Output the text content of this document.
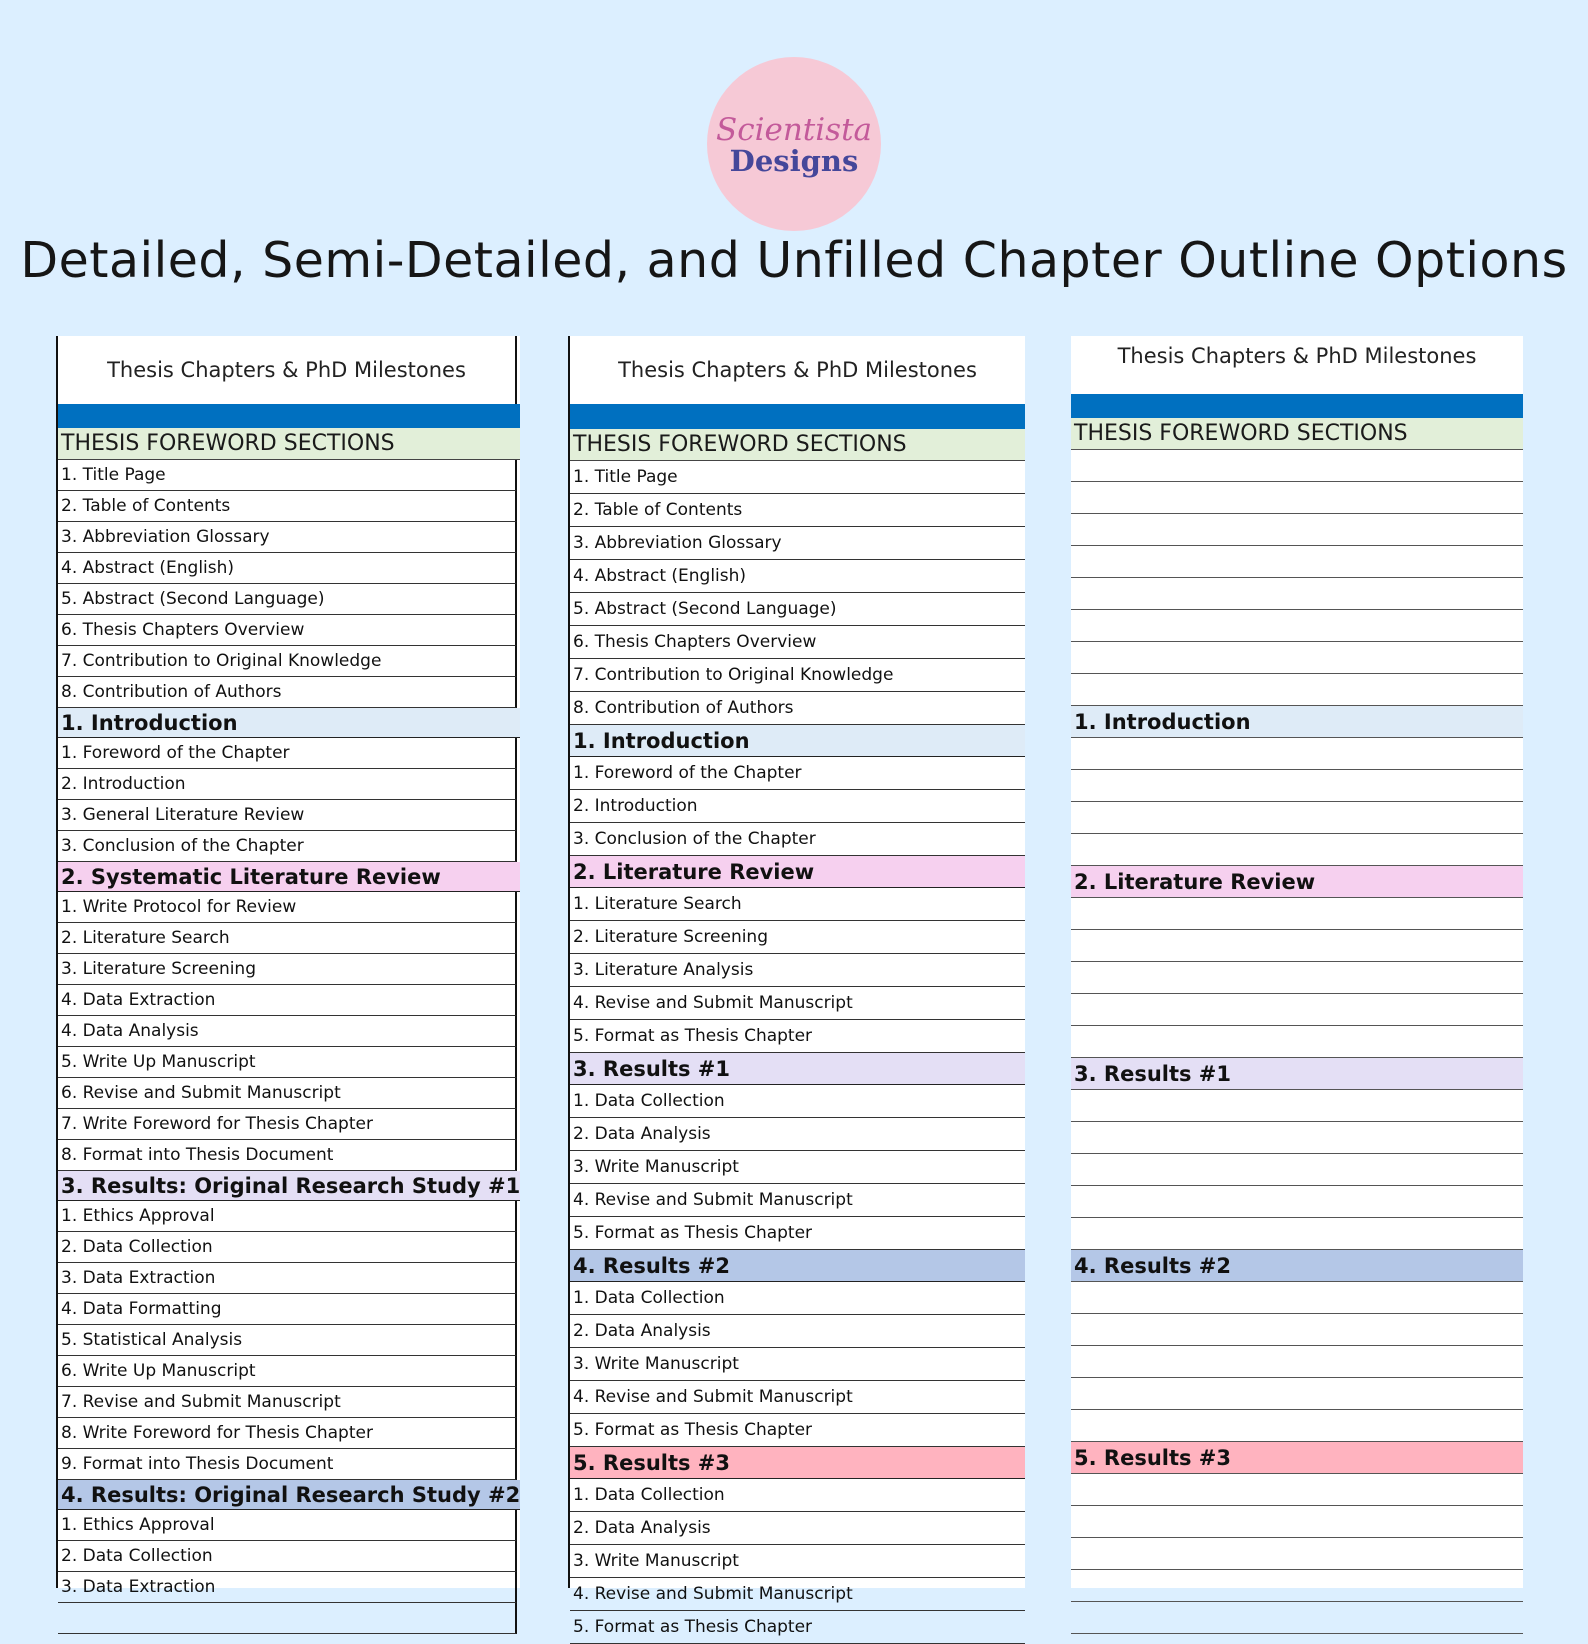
Scientista
Designs
Detailed, Semi-Detailed, and Unfilled Chapter Outline Options
Thesis Chapters & PhD Milestones
THESIS FOREWORD SECTIONS
1. Title Page
2. Table of Contents
3. Abbreviation Glossary
4. Abstract (English)
5. Abstract (Second Language)
6. Thesis Chapters Overview
7. Contribution to Original Knowledge
8. Contribution of Authors
1. Introduction
1. Foreword of the Chapter
2. Introduction
3. General Literature Review
3. Conclusion of the Chapter
2. Systematic Literature Review
1. Write Protocol for Review
2. Literature Search
3. Literature Screening
4. Data Extraction
4. Data Analysis
5. Write Up Manuscript
6. Revise and Submit Manuscript
7. Write Foreword for Thesis Chapter
8. Format into Thesis Document
3. Results: Original Research Study #1
1. Ethics Approval
2. Data Collection
3. Data Extraction
4. Data Formatting
5. Statistical Analysis
6. Write Up Manuscript
7. Revise and Submit Manuscript
8. Write Foreword for Thesis Chapter
9. Format into Thesis Document
4. Results: Original Research Study #2
1. Ethics Approval
2. Data Collection
3. Data Extraction
Thesis Chapters & PhD Milestones
THESIS FOREWORD SECTIONS
1. Title Page
2. Table of Contents
3. Abbreviation Glossary
4. Abstract (English)
5. Abstract (Second Language)
6. Thesis Chapters Overview
7. Contribution to Original Knowledge
8. Contribution of Authors
1. Introduction
1. Foreword of the Chapter
2. Introduction
3. Conclusion of the Chapter
2. Literature Review
1. Literature Search
2. Literature Screening
3. Literature Analysis
4. Revise and Submit Manuscript
5. Format as Thesis Chapter
3. Results #1
1. Data Collection
2. Data Analysis
3. Write Manuscript
4. Revise and Submit Manuscript
5. Format as Thesis Chapter
4. Results #2
1. Data Collection
2. Data Analysis
3. Write Manuscript
4. Revise and Submit Manuscript
5. Format as Thesis Chapter
5. Results #3
1. Data Collection
2. Data Analysis
3. Write Manuscript
4. Revise and Submit Manuscript
5. Format as Thesis Chapter
Thesis Chapters & PhD Milestones
THESIS FOREWORD SECTIONS
1. Introduction
2. Literature Review
3. Results #1
4. Results #2
5. Results #3
